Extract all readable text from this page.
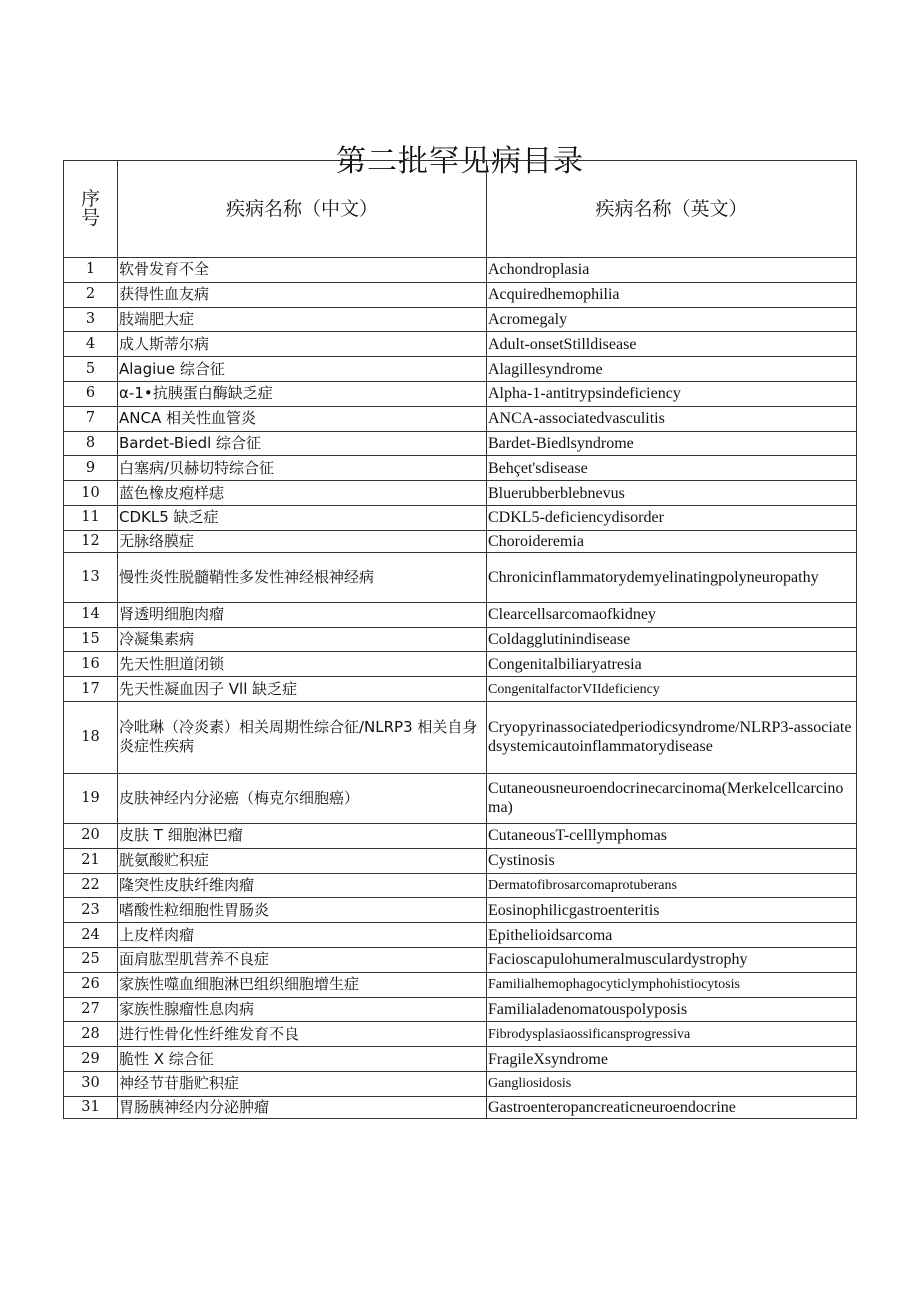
第二批罕见病目录
序
号	疾病名称（中文）	疾病名称（英文）
1	软骨发育不全	Achondroplasia
2	获得性血友病	Acquiredhemophilia
3	肢端肥大症	Acromegaly
4	成人斯蒂尔病	Adult-onsetStilldisease
5	Alagiue 综合征	Alagillesyndrome
6	α-1•抗胰蛋白酶缺乏症	Alpha-1-antitrypsindeficiency
7	ANCA 相关性血管炎	ANCA-associatedvasculitis
8	Bardet-Biedl 综合征	Bardet-Biedlsyndrome
9	白塞病/贝赫切特综合征	Behçet'sdisease
10	蓝色橡皮疱样痣	Bluerubberblebnevus
11	CDKL5 缺乏症	CDKL5-deficiencydisorder
12	无脉络膜症	Choroideremia
13	慢性炎性脱髓鞘性多发性神经根神经病	Chronicinflammatorydemyelinatingpolyneuropathy
14	肾透明细胞肉瘤	Clearcellsarcomaofkidney
15	冷凝集素病	Coldagglutinindisease
16	先天性胆道闭锁	Congenitalbiliaryatresia
17	先天性凝血因子 Vll 缺乏症	CongenitalfactorVIIdeficiency
18	冷吡琳（冷炎素）相关周期性综合征/NLRP3 相关自身炎症性疾病	Cryopyrinassociatedperiodicsyndrome/NLRP3-associatedsystemicautoinflammatorydisease
19	皮肤神经内分泌癌（梅克尔细胞癌）	Cutaneousneuroendocrinecarcinoma(Merkelcellcarcinoma)
20	皮肤 T 细胞淋巴瘤	CutaneousT-celllymphomas
21	胱氨酸贮积症	Cystinosis
22	隆突性皮肤纤维肉瘤	Dermatofibrosarcomaprotuberans
23	嗜酸性粒细胞性胃肠炎	Eosinophilicgastroenteritis
24	上皮样肉瘤	Epithelioidsarcoma
25	面肩肱型肌营养不良症	Facioscapulohumeralmusculardystrophy
26	家族性噬血细胞淋巴组织细胞增生症	Familialhemophagocyticlymphohistiocytosis
27	家族性腺瘤性息肉病	Familialadenomatouspolyposis
28	进行性骨化性纤维发育不良	Fibrodysplasiaossificansprogressiva
29	脆性 X 综合征	FragileXsyndrome
30	神经节苷脂贮积症	Gangliosidosis
31	胃肠胰神经内分泌肿瘤	Gastroenteropancreaticneuroendocrine
